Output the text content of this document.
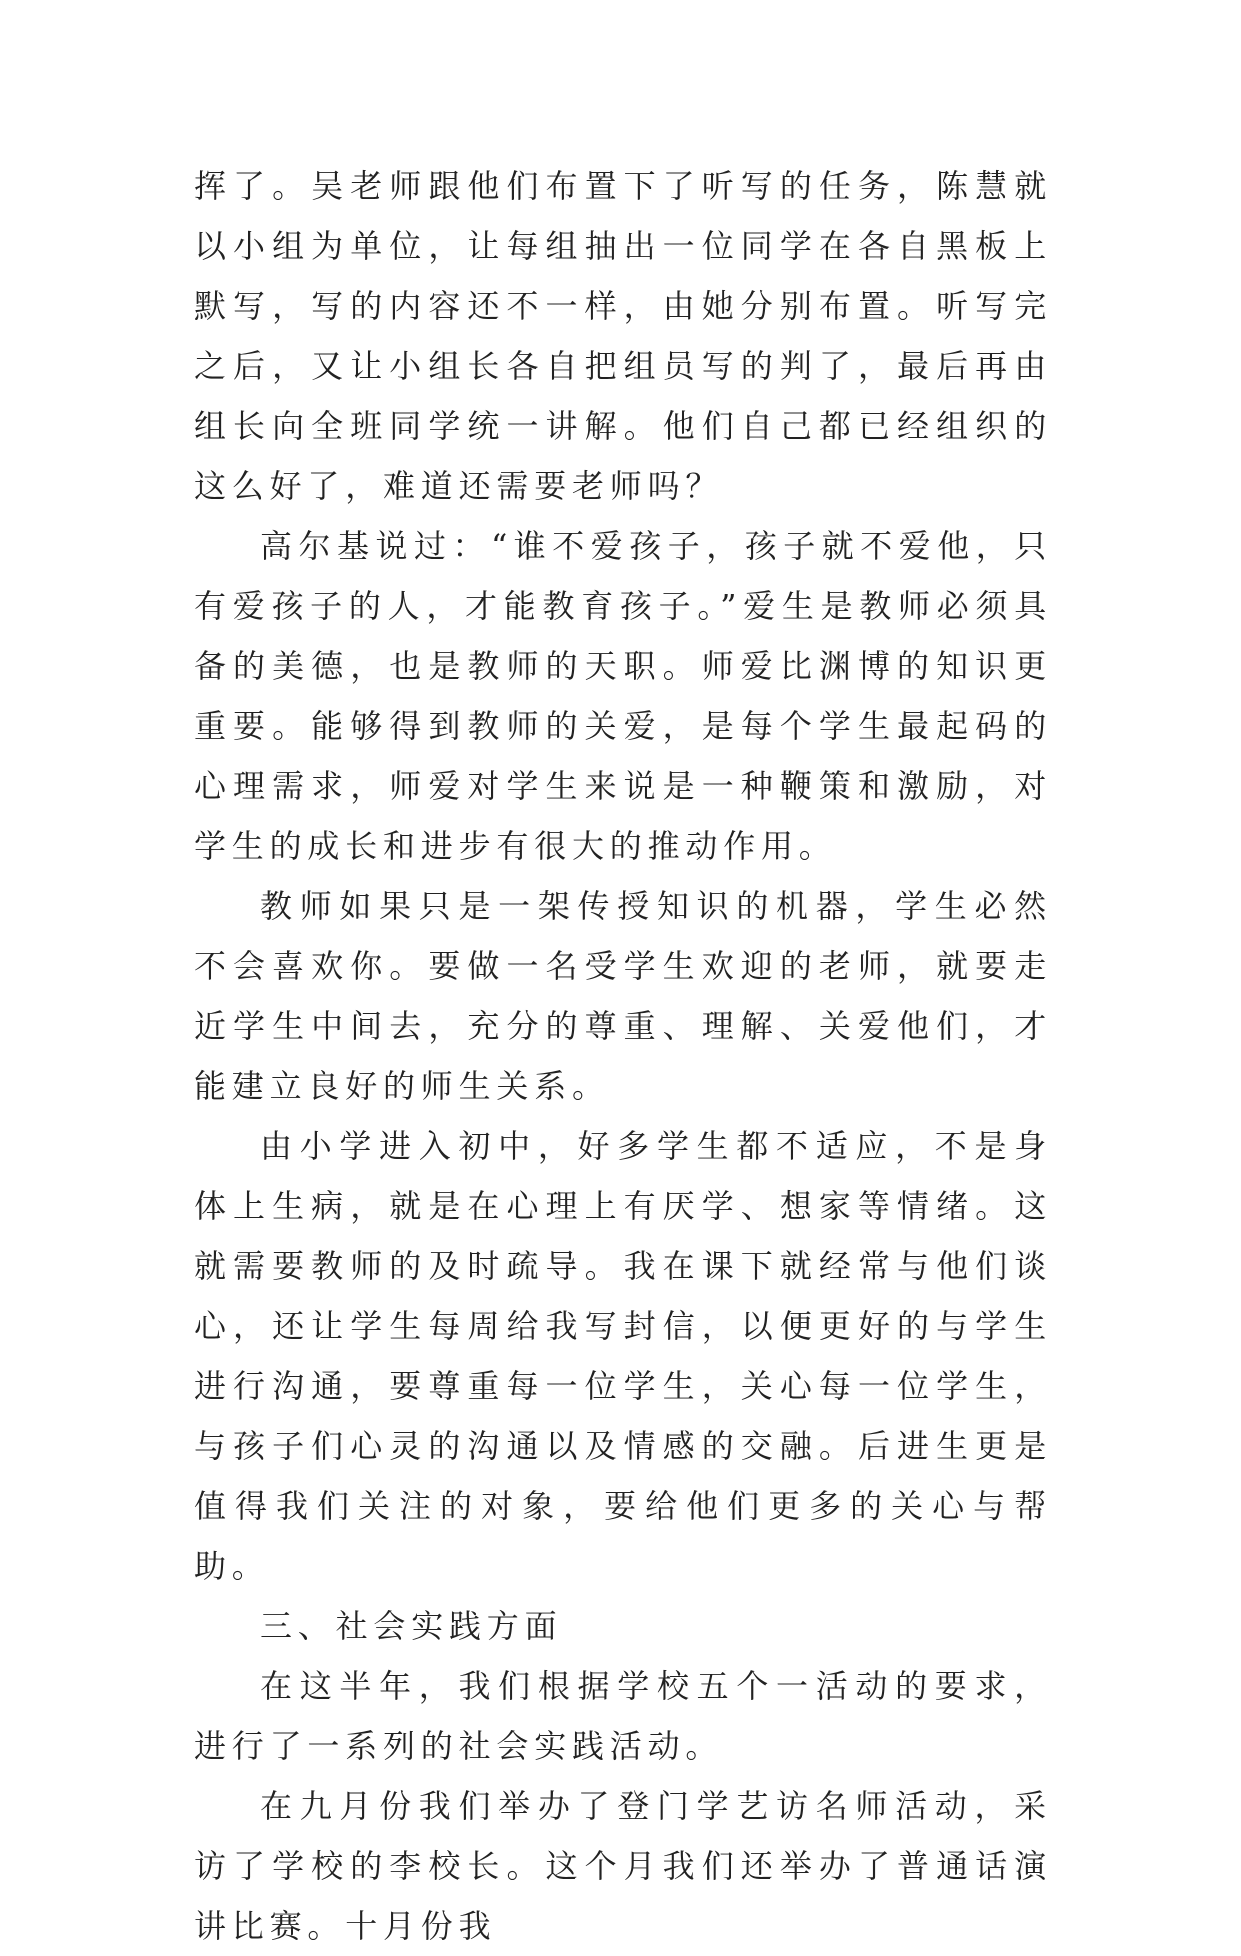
挥了。吴老师跟他们布置下了听写的任务，陈慧就以小组为单位，让每组抽出一位同学在各自黑板上默写，写的内容还不一样，由她分别布置。听写完之后，又让小组长各自把组员写的判了，最后再由组长向全班同学统一讲解。他们自己都已经组织的这么好了，难道还需要老师吗？

高尔基说过：“谁不爱孩子，孩子就不爱他，只有爱孩子的人，才能教育孩子。”爱生是教师必须具备的美德，也是教师的天职。师爱比渊博的知识更重要。能够得到教师的关爱，是每个学生最起码的心理需求，师爱对学生来说是一种鞭策和激励，对学生的成长和进步有很大的推动作用。

教师如果只是一架传授知识的机器，学生必然不会喜欢你。要做一名受学生欢迎的老师，就要走近学生中间去，充分的尊重、理解、关爱他们，才能建立良好的师生关系。

由小学进入初中，好多学生都不适应，不是身体上生病，就是在心理上有厌学、想家等情绪。这就需要教师的及时疏导。我在课下就经常与他们谈心，还让学生每周给我写封信，以便更好的与学生进行沟通，要尊重每一位学生，关心每一位学生，与孩子们心灵的沟通以及情感的交融。后进生更是值得我们关注的对象，要给他们更多的关心与帮助。

三、社会实践方面

在这半年，我们根据学校五个一活动的要求，进行了一系列的社会实践活动。

在九月份我们举办了登门学艺访名师活动，采访了学校的李校长。这个月我们还举办了普通话演讲比赛。十月份我
